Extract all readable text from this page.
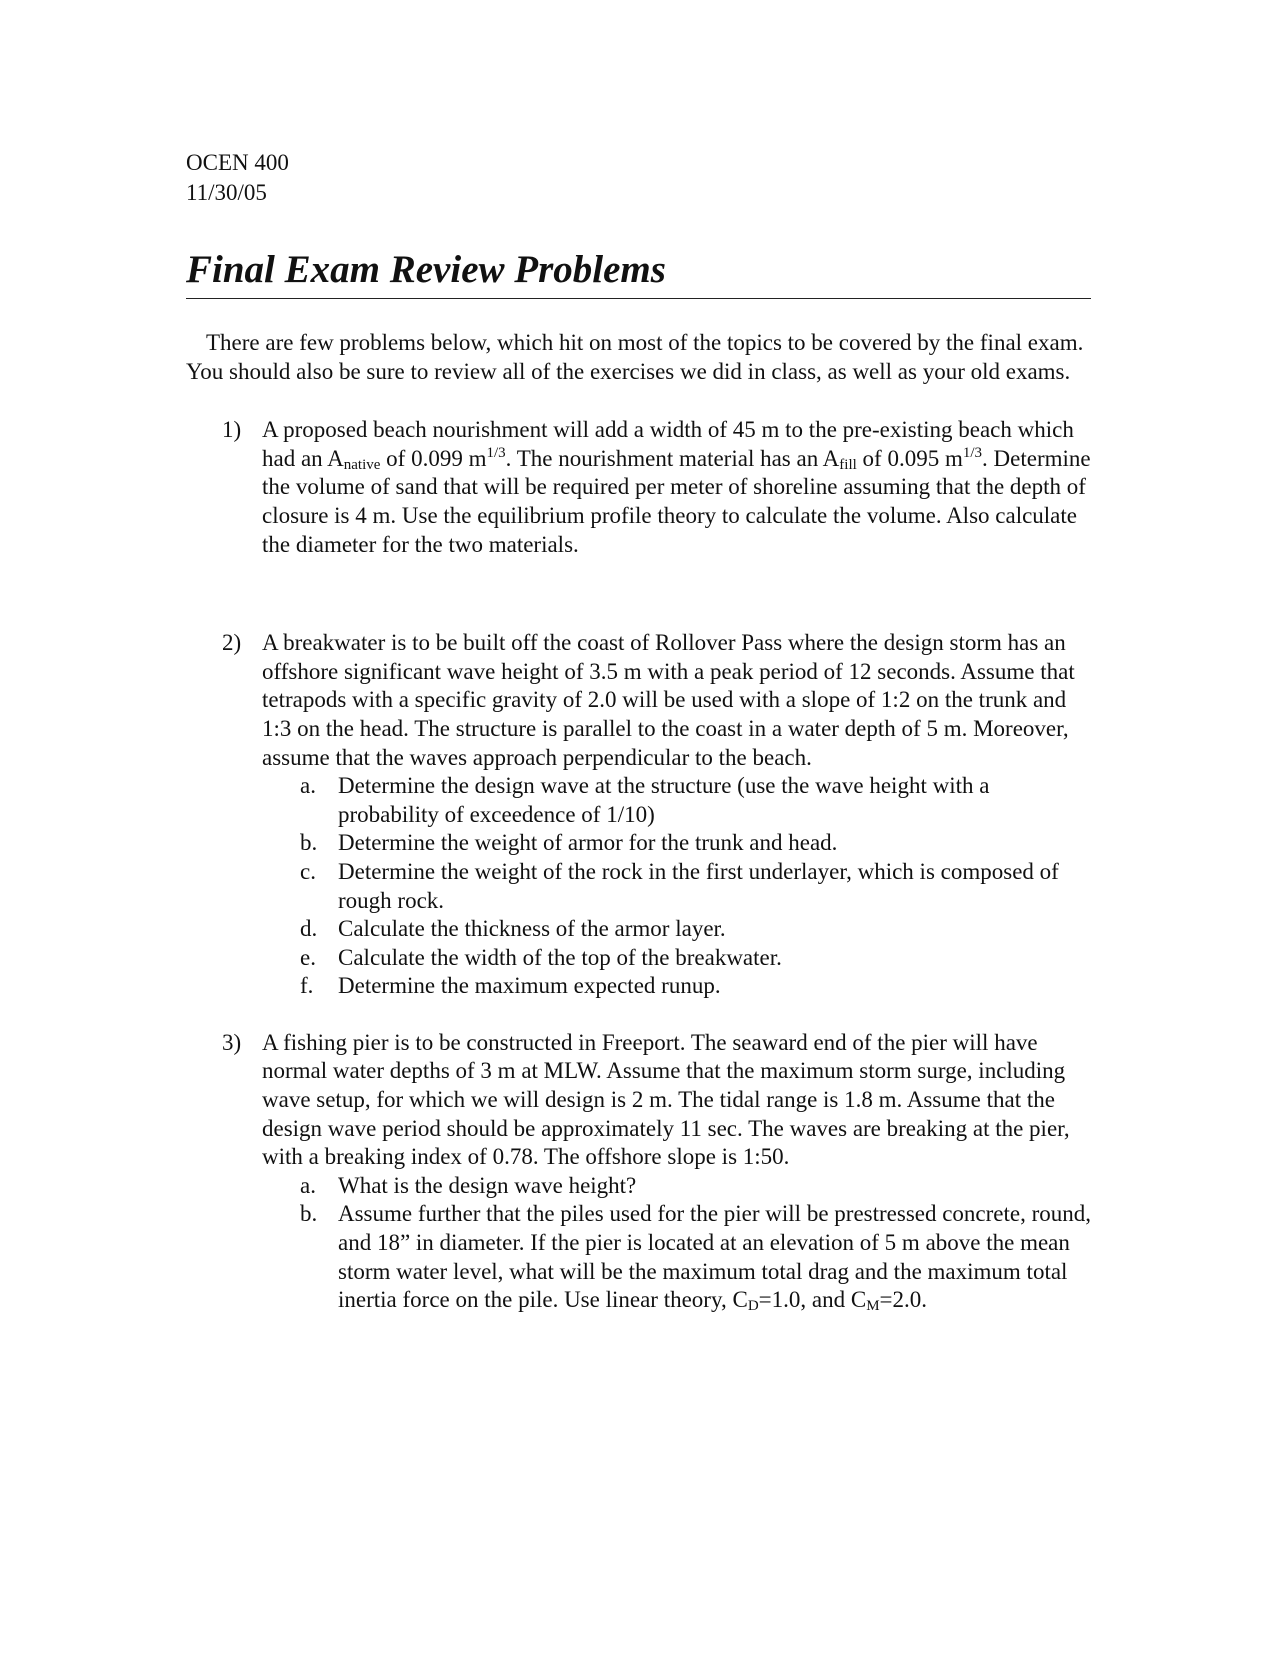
OCEN 400
11/30/05
Final Exam Review Problems
There are few problems below, which hit on most of the topics to be covered by the final exam. You should also be sure to review all of the exercises we did in class, as well as your old exams.
1) A proposed beach nourishment will add a width of 45 m to the pre-existing beach which had an $A_{native}$ of 0.099 $m^{1/3}$. The nourishment material has an $A_{fill}$ of 0.095 $m^{1/3}$. Determine the volume of sand that will be required per meter of shoreline assuming that the depth of closure is 4 m. Use the equilibrium profile theory to calculate the volume. Also calculate the diameter for the two materials.
2) A breakwater is to be built off the coast of Rollover Pass where the design storm has an offshore significant wave height of 3.5 m with a peak period of 12 seconds. Assume that tetrapods with a specific gravity of 2.0 will be used with a slope of 1:2 on the trunk and 1:3 on the head. The structure is parallel to the coast in a water depth of 5 m. Moreover, assume that the waves approach perpendicular to the beach.
a. Determine the design wave at the structure (use the wave height with a probability of exceedence of 1/10)
b. Determine the weight of armor for the trunk and head.
c. Determine the weight of the rock in the first underlayer, which is composed of rough rock.
d. Calculate the thickness of the armor layer.
e. Calculate the width of the top of the breakwater.
f. Determine the maximum expected runup.
3) A fishing pier is to be constructed in Freeport. The seaward end of the pier will have normal water depths of 3 m at MLW. Assume that the maximum storm surge, including wave setup, for which we will design is 2 m. The tidal range is 1.8 m. Assume that the design wave period should be approximately 11 sec. The waves are breaking at the pier, with a breaking index of 0.78. The offshore slope is 1:50.
a. What is the design wave height?
b. Assume further that the piles used for the pier will be prestressed concrete, round, and 18” in diameter. If the pier is located at an elevation of 5 m above the mean storm water level, what will be the maximum total drag and the maximum total inertia force on the pile. Use linear theory, $C_D=1.0$, and $C_M=2.0$.
